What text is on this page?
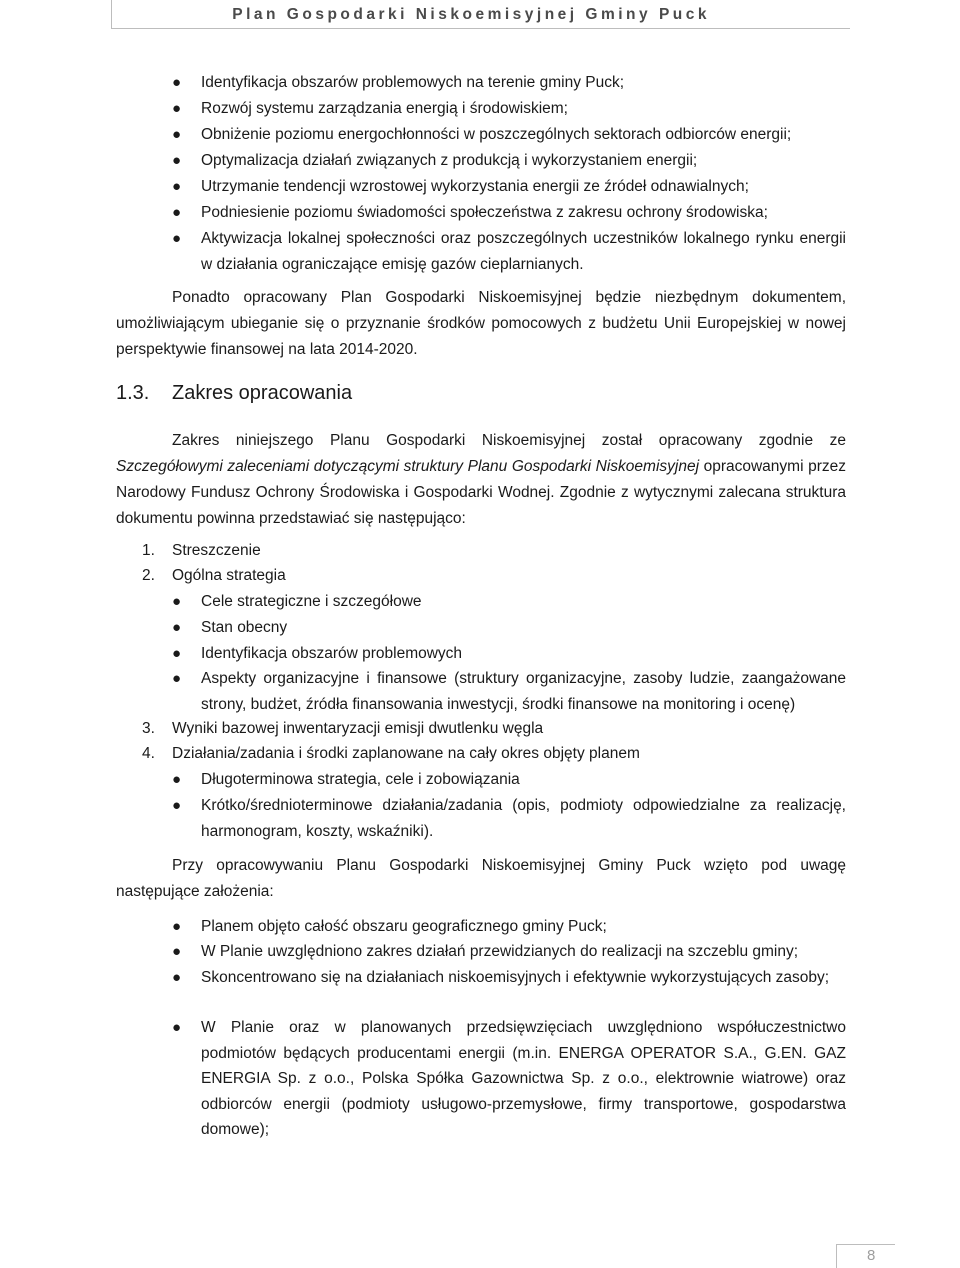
Plan Gospodarki Niskoemisyjnej Gminy Puck
● Identyfikacja obszarów problemowych na terenie gminy Puck;
● Rozwój systemu zarządzania energią i środowiskiem;
● Obniżenie poziomu energochłonności w poszczególnych sektorach odbiorców energii;
● Optymalizacja działań związanych z produkcją i wykorzystaniem energii;
● Utrzymanie tendencji wzrostowej wykorzystania energii ze źródeł odnawialnych;
● Podniesienie poziomu świadomości społeczeństwa z zakresu ochrony środowiska;
● Aktywizacja lokalnej społeczności oraz poszczególnych uczestników lokalnego rynku energii w działania ograniczające emisję gazów cieplarnianych.
Ponadto opracowany Plan Gospodarki Niskoemisyjnej będzie niezbędnym dokumentem, umożliwiającym ubieganie się o przyznanie środków pomocowych z budżetu Unii Europejskiej w nowej perspektywie finansowej na lata 2014-2020.
1.3. Zakres opracowania
Zakres niniejszego Planu Gospodarki Niskoemisyjnej został opracowany zgodnie ze Szczegółowymi zaleceniami dotyczącymi struktury Planu Gospodarki Niskoemisyjnej opracowanymi przez Narodowy Fundusz Ochrony Środowiska i Gospodarki Wodnej. Zgodnie z wytycznymi zalecana struktura dokumentu powinna przedstawiać się następująco:
1. Streszczenie
2. Ogólna strategia
● Cele strategiczne i szczegółowe
● Stan obecny
● Identyfikacja obszarów problemowych
● Aspekty organizacyjne i finansowe (struktury organizacyjne, zasoby ludzie, zaangażowane strony, budżet, źródła finansowania inwestycji, środki finansowe na monitoring i ocenę)
3. Wyniki bazowej inwentaryzacji emisji dwutlenku węgla
4. Działania/zadania i środki zaplanowane na cały okres objęty planem
● Długoterminowa strategia, cele i zobowiązania
● Krótko/średnioterminowe działania/zadania (opis, podmioty odpowiedzialne za realizację, harmonogram, koszty, wskaźniki).
Przy opracowywaniu Planu Gospodarki Niskoemisyjnej Gminy Puck wzięto pod uwagę następujące założenia:
● Planem objęto całość obszaru geograficznego gminy Puck;
● W Planie uwzględniono zakres działań przewidzianych do realizacji na szczeblu gminy;
● Skoncentrowano się na działaniach niskoemisyjnych i efektywnie wykorzystujących zasoby;
● W Planie oraz w planowanych przedsięwzięciach uwzględniono współuczestnictwo podmiotów będących producentami energii (m.in. ENERGA OPERATOR S.A., G.EN. GAZ ENERGIA Sp. z o.o., Polska Spółka Gazownictwa Sp. z o.o., elektrownie wiatrowe) oraz odbiorców energii (podmioty usługowo-przemysłowe, firmy transportowe, gospodarstwa domowe);
8
